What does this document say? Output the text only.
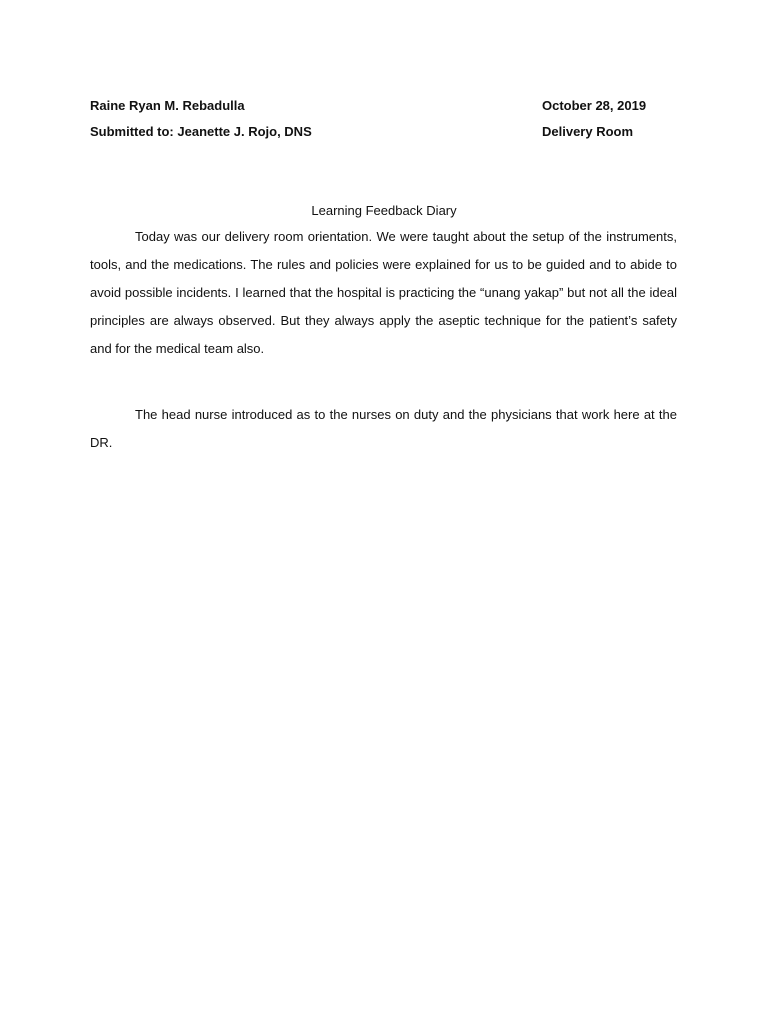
Raine Ryan M. Rebadulla	October 28, 2019
Submitted to: Jeanette J. Rojo, DNS	Delivery Room
Learning Feedback Diary

Today was our delivery room orientation. We were taught about the setup of the instruments, tools, and the medications. The rules and policies were explained for us to be guided and to abide to avoid possible incidents. I learned that the hospital is practicing the “unang yakap” but not all the ideal principles are always observed. But they always apply the aseptic technique for the patient’s safety and for the medical team also.

The head nurse introduced as to the nurses on duty and the physicians that work here at the DR.
